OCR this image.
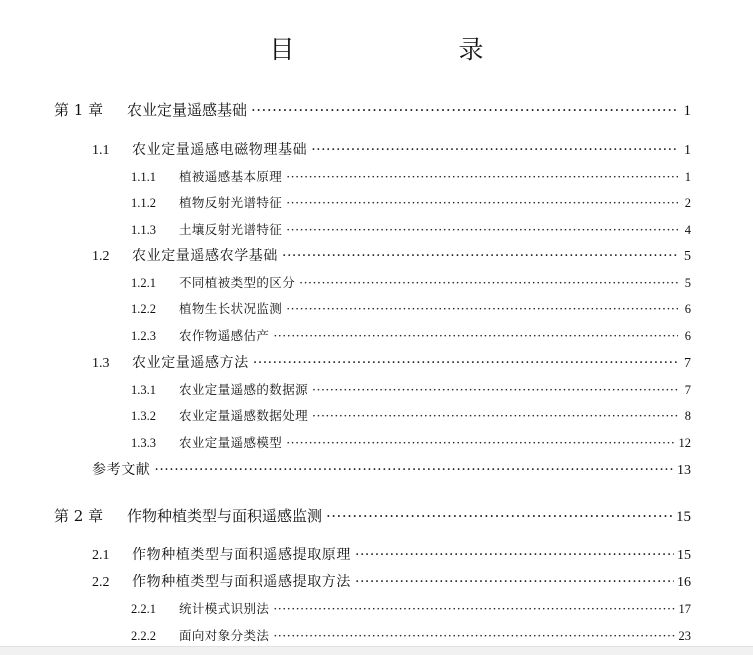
目　　录
第 1 章	农业定量遥感基础 ·····	1
1.1	农业定量遥感电磁物理基础 ·····	1
1.1.1	植被遥感基本原理 ·····	1
1.1.2	植物反射光谱特征 ·····	2
1.1.3	土壤反射光谱特征 ·····	4
1.2	农业定量遥感农学基础 ·····	5
1.2.1	不同植被类型的区分 ·····	5
1.2.2	植物生长状况监测 ·····	6
1.2.3	农作物遥感估产 ·····	6
1.3	农业定量遥感方法 ·····	7
1.3.1	农业定量遥感的数据源 ·····	7
1.3.2	农业定量遥感数据处理 ·····	8
1.3.3	农业定量遥感模型 ·····	12
参考文献 ·····	13
第 2 章	作物种植类型与面积遥感监测 ·····	15
2.1	作物种植类型与面积遥感提取原理 ·····	15
2.2	作物种植类型与面积遥感提取方法 ·····	16
2.2.1	统计模式识别法 ·····	17
2.2.2	面向对象分类法 ·····	23
